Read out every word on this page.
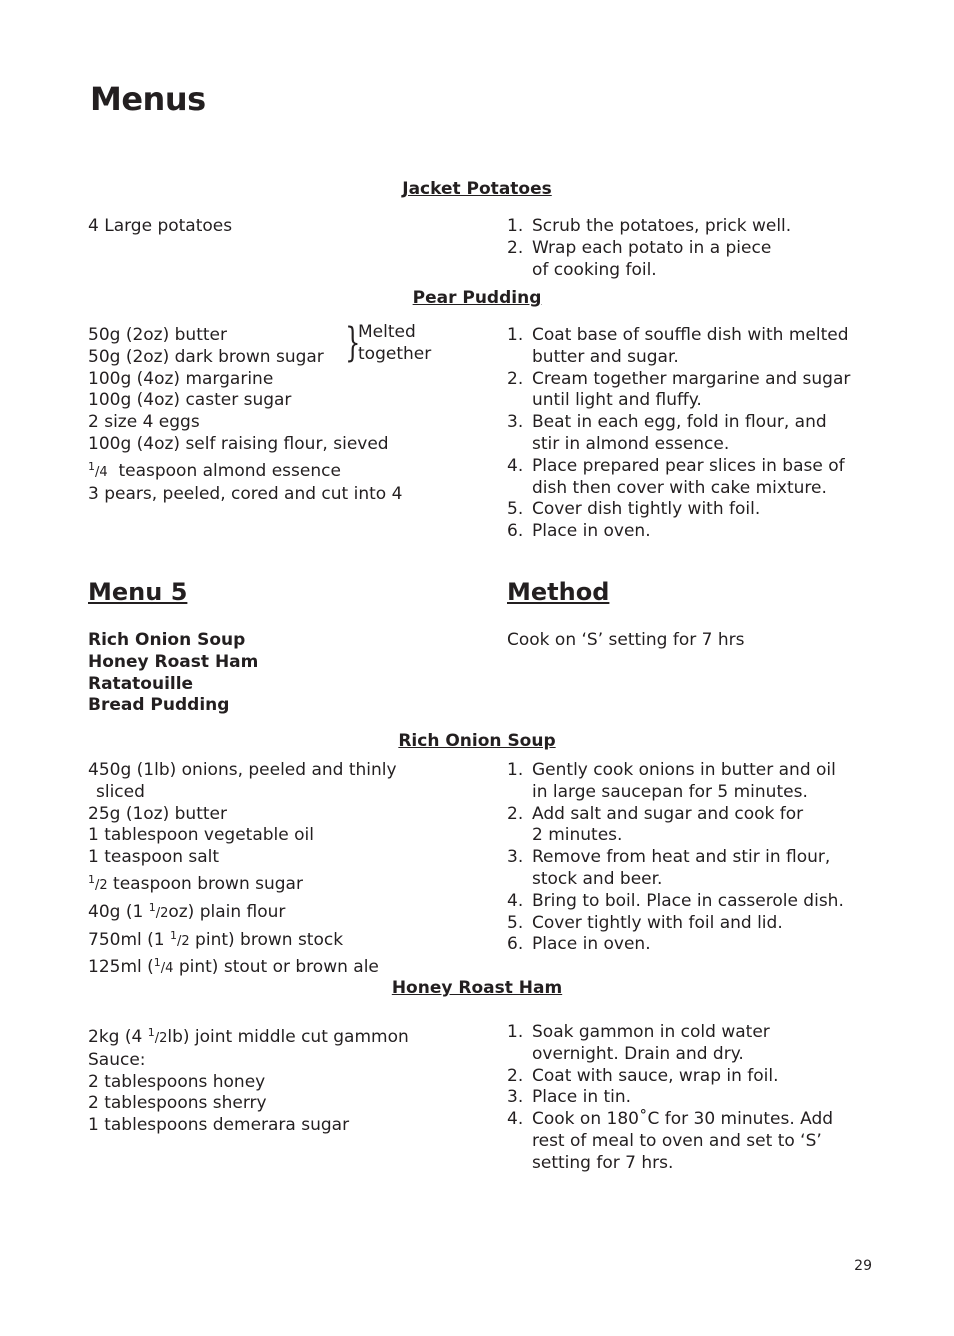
Menus
Jacket Potatoes
4 Large potatoes	1. Scrub the potatoes, prick well.
2. Wrap each potato in a piece of cooking foil.
Pear Pudding
50g (2oz) butter
50g (2oz) dark brown sugar
100g (4oz) margarine
100g (4oz) caster sugar
2 size 4 eggs
100g (4oz) self raising flour, sieved
$^1$/4 teaspoon almond essence
3 pears, peeled, cored and cut into 4
}
Melted
together
1. Coat base of souffle dish with melted butter and sugar.
2. Cream together margarine and sugar until light and fluffy.
3. Beat in each egg, fold in flour, and stir in almond essence.
4. Place prepared pear slices in base of dish then cover with cake mixture.
5. Cover dish tightly with foil.
6. Place in oven.
Menu 5	Method
Rich Onion Soup
Honey Roast Ham
Ratatouille
Bread Pudding
Cook on ‘S’ setting for 7 hrs
Rich Onion Soup
450g (1lb) onions, peeled and thinly
sliced
25g (1oz) butter
1 tablespoon vegetable oil
1 teaspoon salt
$^1$/2 teaspoon brown sugar
40g (1 $^1$/2oz) plain flour
750ml (1 $^1$/2 pint) brown stock
125ml ($^1$/4 pint) stout or brown ale
1. Gently cook onions in butter and oil in large saucepan for 5 minutes.
2. Add salt and sugar and cook for 2 minutes.
3. Remove from heat and stir in flour, stock and beer.
4. Bring to boil. Place in casserole dish.
5. Cover tightly with foil and lid.
6. Place in oven.
Honey Roast Ham
2kg (4 $^1$/2lb) joint middle cut gammon
Sauce:
2 tablespoons honey
2 tablespoons sherry
1 tablespoons demerara sugar
1. Soak gammon in cold water overnight. Drain and dry.
2. Coat with sauce, wrap in foil.
3. Place in tin.
4. Cook on 180˚C for 30 minutes. Add rest of meal to oven and set to ‘S’ setting for 7 hrs.
29
